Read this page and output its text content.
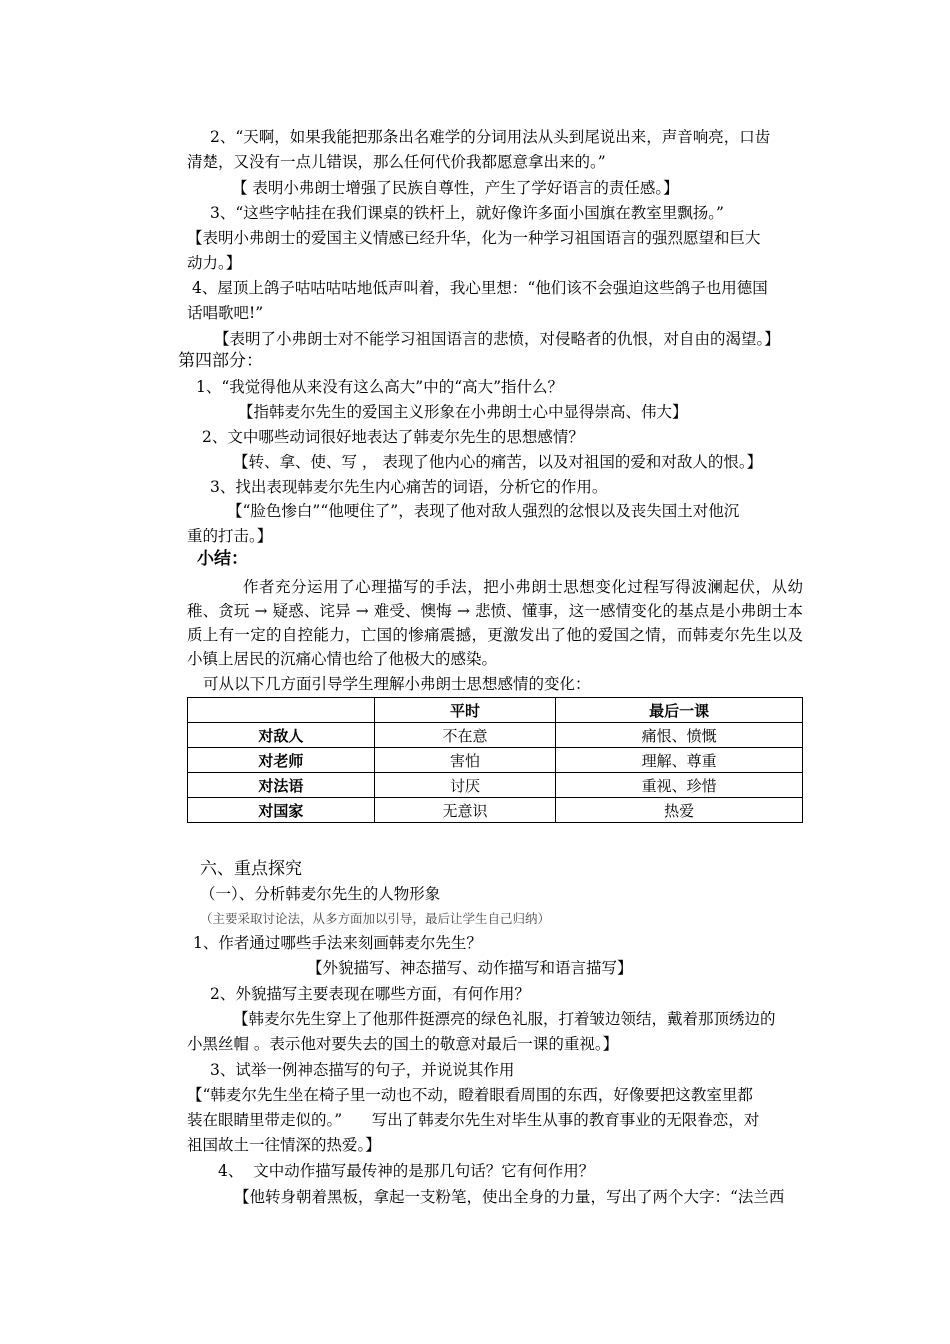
2、“天啊，如果我能把那条出名难学的分词用法从头到尾说出来，声音响亮，口齿
清楚，又没有一点儿错误，那么任何代价我都愿意拿出来的。”
【 表明小弗朗士增强了民族自尊性，产生了学好语言的责任感。】
3、“这些字帖挂在我们课桌的铁杆上，就好像许多面小国旗在教室里飘扬。”
【表明小弗朗士的爱国主义情感已经升华，化为一种学习祖国语言的强烈愿望和巨大
动力。】
4、屋顶上鸽子咕咕咕咕地低声叫着，我心里想：“他们该不会强迫这些鸽子也用德国
话唱歌吧!”
【表明了小弗朗士对不能学习祖国语言的悲愤，对侵略者的仇恨，对自由的渴望。】
第四部分：
1、“我觉得他从来没有这么高大”中的“高大”指什么？
【指韩麦尔先生的爱国主义形象在小弗朗士心中显得崇高、伟大】
2、文中哪些动词很好地表达了韩麦尔先生的思想感情？
【转、拿、使、写 ， 表现了他内心的痛苦，以及对祖国的爱和对敌人的恨。】
3、找出表现韩麦尔先生内心痛苦的词语，分析它的作用。
【“脸色惨白”“他哽住了”，表现了他对敌人强烈的忿恨以及丧失国土对他沉
重的打击。】
小结：
作者充分运用了心理描写的手法，把小弗朗士思想变化过程写得波澜起伏，从幼稚、贪玩 → 疑惑、诧异 → 难受、懊悔 → 悲愤、懂事，这一感情变化的基点是小弗朗士本质上有一定的自控能力，亡国的惨痛震撼，更激发出了他的爱国之情，而韩麦尔先生以及小镇上居民的沉痛心情也给了他极大的感染。
可从以下几方面引导学生理解小弗朗士思想感情的变化：
	平时	最后一课
对敌人	不在意	痛恨、愤慨
对老师	害怕	理解、尊重
对法语	讨厌	重视、珍惜
对国家	无意识	热爱
六、重点探究
（一）、分析韩麦尔先生的人物形象
（主要采取讨论法，从多方面加以引导，最后让学生自己归纳）
1、作者通过哪些手法来刻画韩麦尔先生？
【外貌描写、神态描写、动作描写和语言描写】
2、外貌描写主要表现在哪些方面，有何作用？
【韩麦尔先生穿上了他那件挺漂亮的绿色礼服，打着皱边领结，戴着那顶绣边的
小黑丝帽 。表示他对要失去的国土的敬意对最后一课的重视。】
3、试举一例神态描写的句子，并说说其作用
【“韩麦尔先生坐在椅子里一动也不动，瞪着眼看周围的东西，好像要把这教室里都
装在眼睛里带走似的。”      写出了韩麦尔先生对毕生从事的教育事业的无限眷恋，对
祖国故土一往情深的热爱。】
4、  文中动作描写最传神的是那几句话？它有何作用？
【他转身朝着黑板，拿起一支粉笔，使出全身的力量，写出了两个大字：“法兰西
